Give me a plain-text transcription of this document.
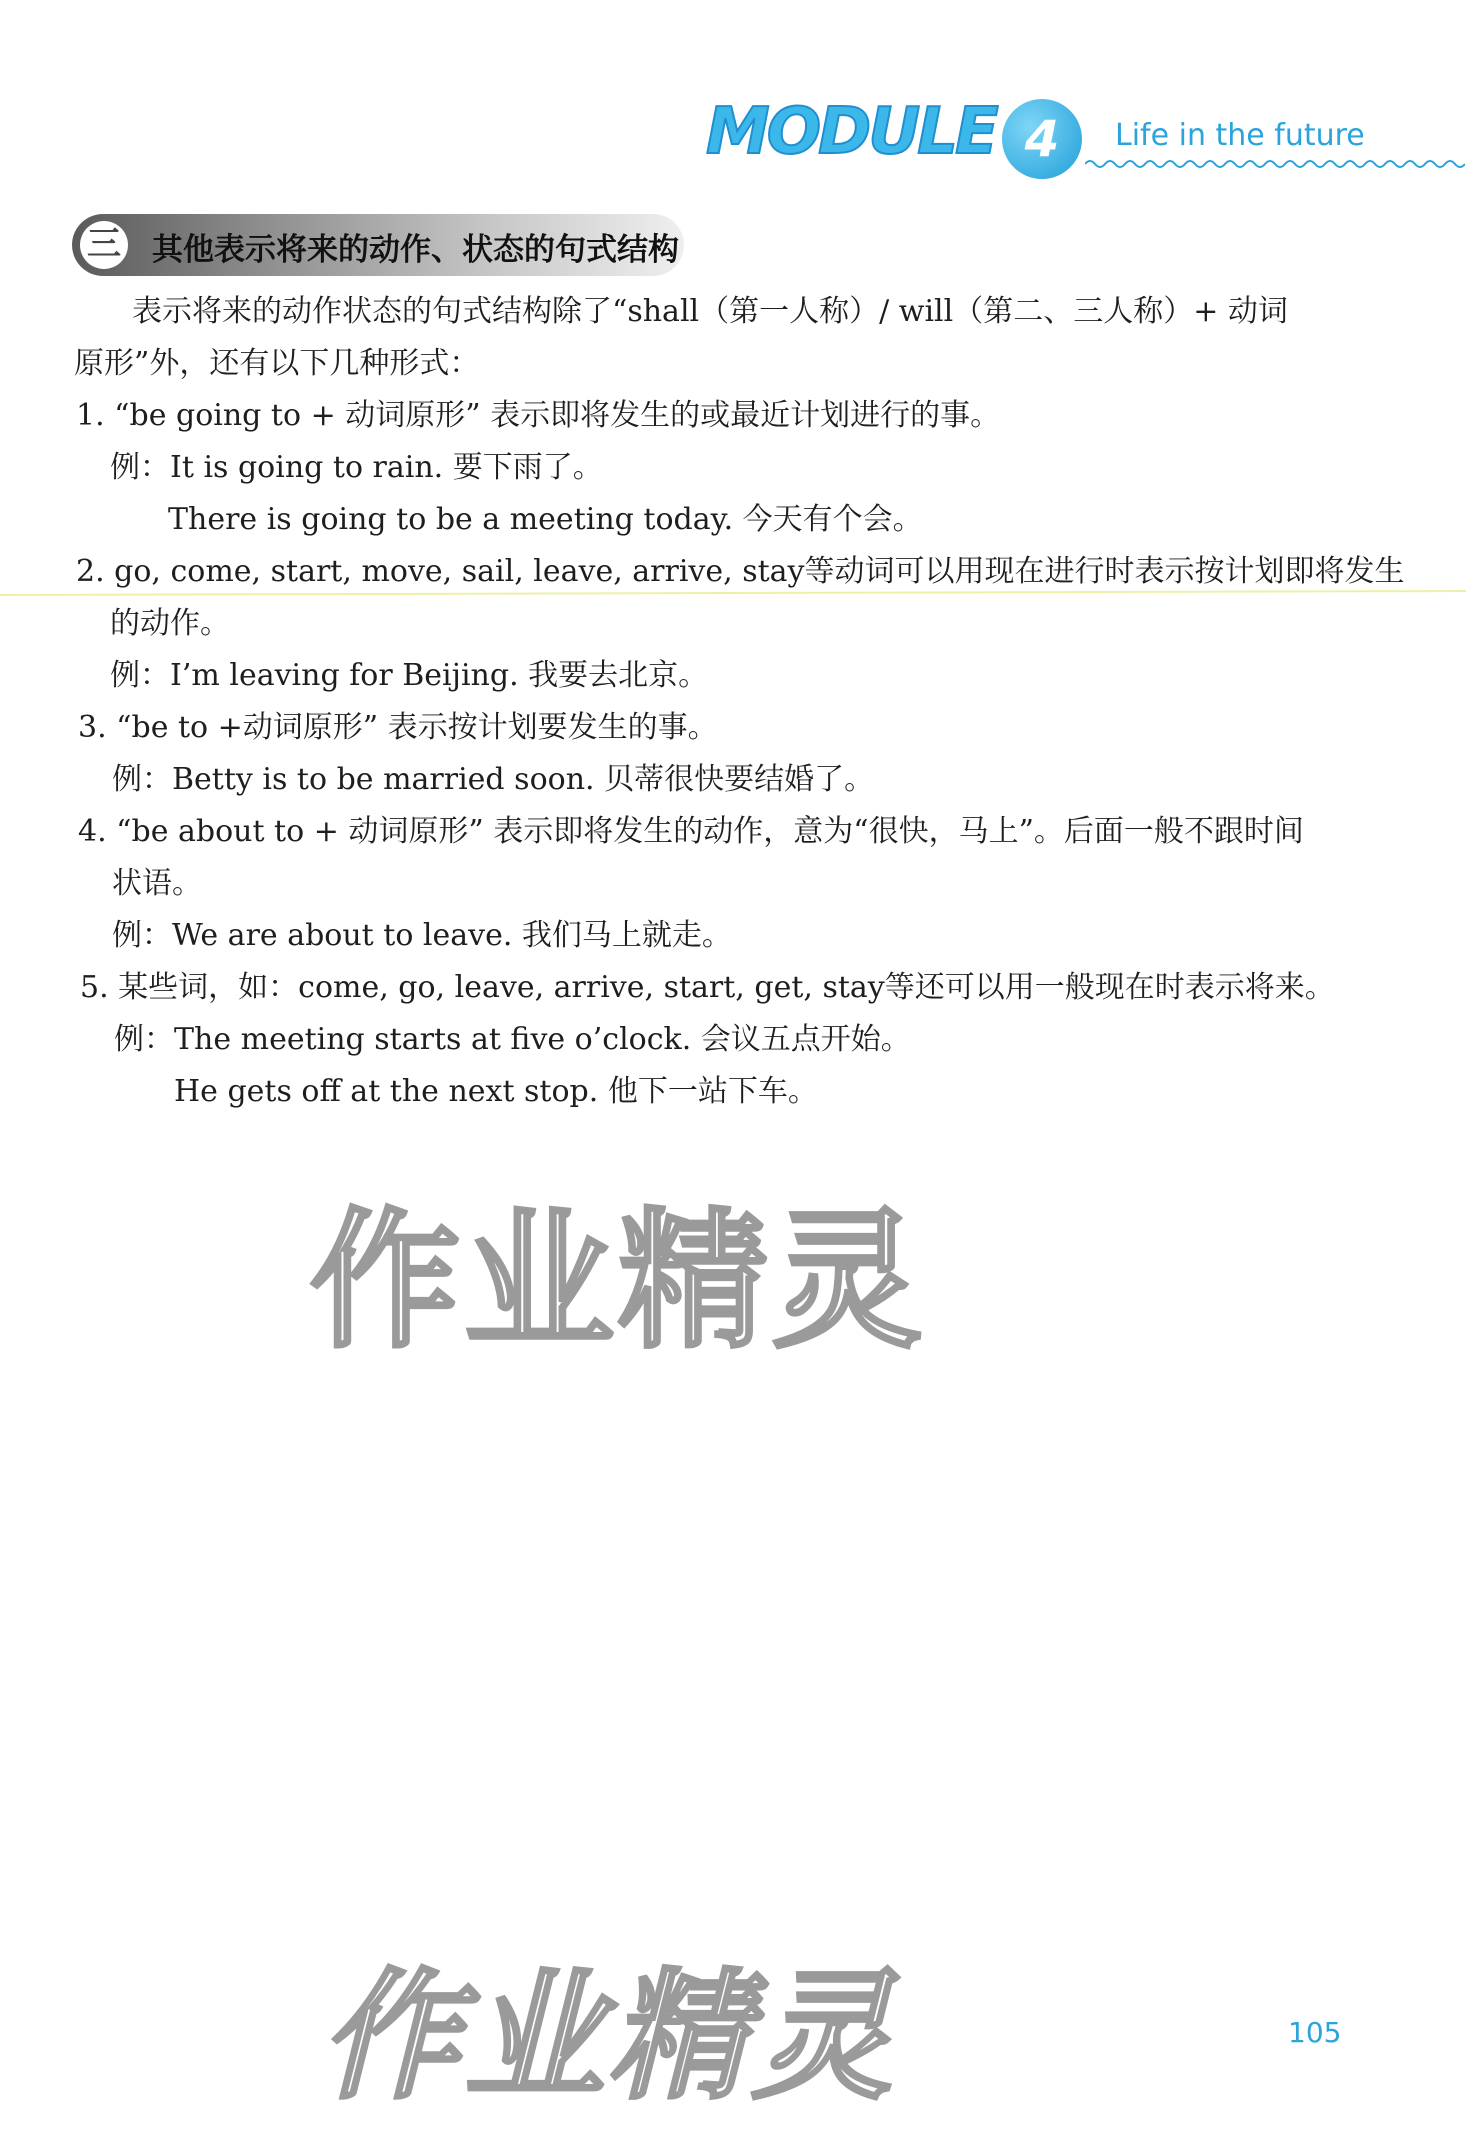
MODULE 4	Life in the future
三 其他表示将来的动作、状态的句式结构
表示将来的动作状态的句式结构除了“shall（第一人称）/ will（第二、三人称）+ 动词
原形”外，还有以下几种形式：
1. “be going to + 动词原形” 表示即将发生的或最近计划进行的事。
例：It is going to rain. 要下雨了。
There is going to be a meeting today. 今天有个会。
2. go, come, start, move, sail, leave, arrive, stay等动词可以用现在进行时表示按计划即将发生
的动作。
例：I’m leaving for Beijing. 我要去北京。
3. “be to +动词原形” 表示按计划要发生的事。
例：Betty is to be married soon. 贝蒂很快要结婚了。
4. “be about to + 动词原形” 表示即将发生的动作，意为“很快，马上”。后面一般不跟时间
状语。
例：We are about to leave. 我们马上就走。
5. 某些词，如：come, go, leave, arrive, start, get, stay等还可以用一般现在时表示将来。
例：The meeting starts at five o’clock. 会议五点开始。
He gets off at the next stop. 他下一站下车。
作业精灵
作业精灵	105
